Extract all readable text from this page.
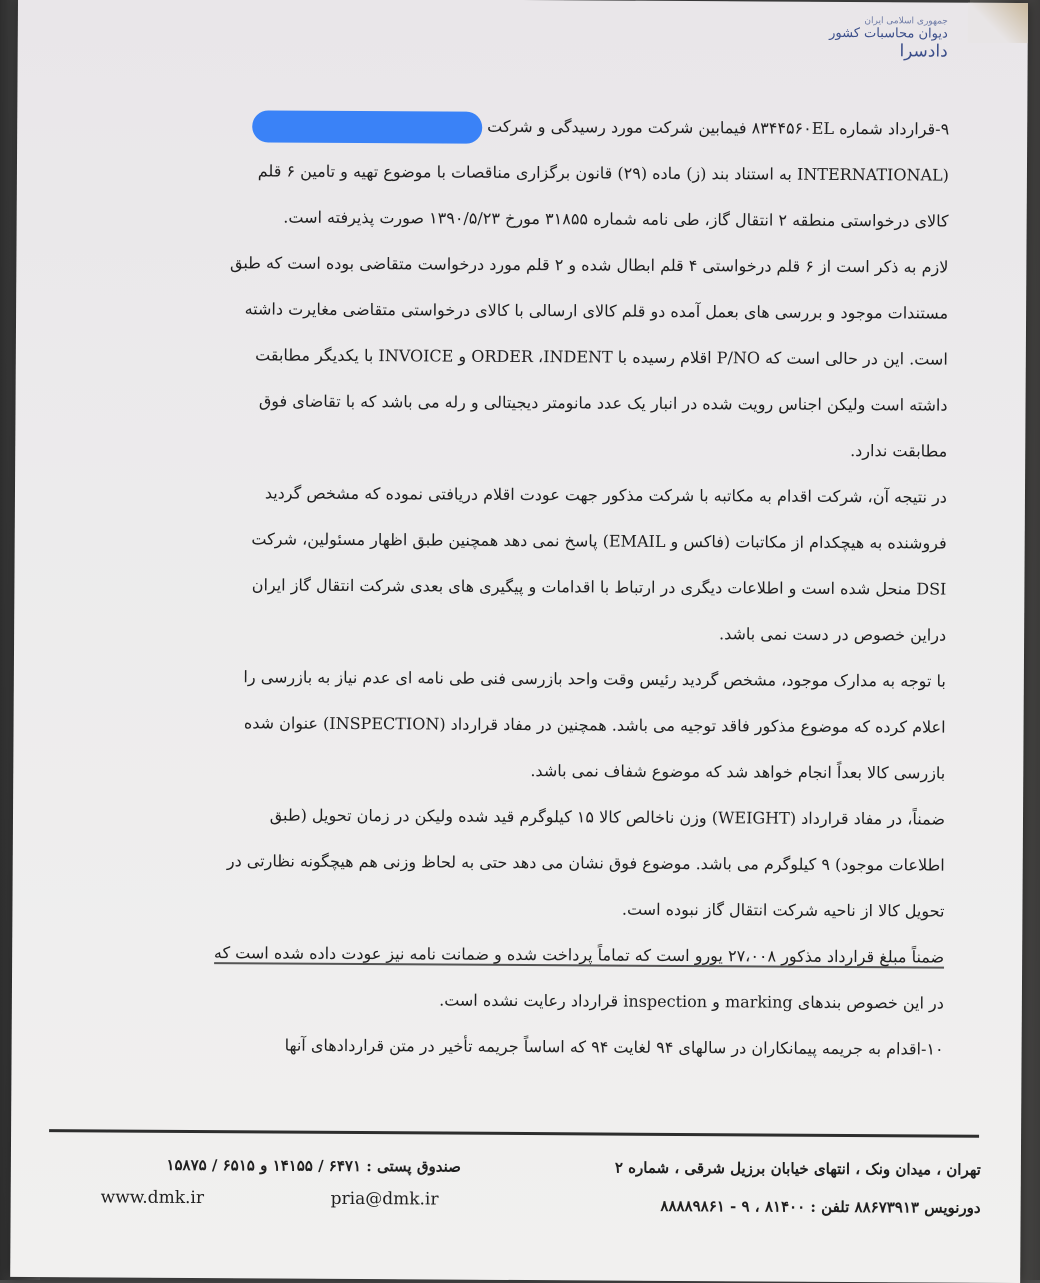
جمهوری اسلامی ایران
دیوان محاسبات کشور
دادسرا
۹-قرارداد شماره ۸۳۴۴۵۶۰EL فیمابین شرکت مورد رسیدگی و شرکت
(INTERNATIONAL به استناد بند (ز) ماده (۲۹) قانون برگزاری مناقصات با موضوع تهیه و تامین ۶ قلم
کالای درخواستی منطقه ۲ انتقال گاز، طی نامه شماره ۳۱۸۵۵ مورخ ۱۳۹۰/۵/۲۳ صورت پذیرفته است.
لازم به ذکر است از ۶ قلم درخواستی ۴ قلم ابطال شده و ۲ قلم مورد درخواست متقاضی بوده است که طبق
مستندات موجود و بررسی های بعمل آمده دو قلم کالای ارسالی با کالای درخواستی متقاضی مغایرت داشته
است. این در حالی است که P/NO اقلام رسیده با ORDER ،INDENT و INVOICE با یکدیگر مطابقت
داشته است ولیکن اجناس رویت شده در انبار یک عدد مانومتر دیجیتالی و رله می باشد که با تقاضای فوق
مطابقت ندارد.
در نتیجه آن، شرکت اقدام به مکاتبه با شرکت مذکور جهت عودت اقلام دریافتی نموده که مشخص گردید
فروشنده به هیچکدام از مکاتبات (فاکس و EMAIL) پاسخ نمی دهد همچنین طبق اظهار مسئولین، شرکت
DSI منحل شده است و اطلاعات دیگری در ارتباط با اقدامات و پیگیری های بعدی شرکت انتقال گاز ایران
دراین خصوص در دست نمی باشد.
با توجه به مدارک موجود، مشخص گردید رئیس وقت واحد بازرسی فنی طی نامه ای عدم نیاز به بازرسی را
اعلام کرده که موضوع مذکور فاقد توجیه می باشد. همچنین در مفاد قرارداد (INSPECTION) عنوان شده
بازرسی کالا بعداً انجام خواهد شد که موضوع شفاف نمی باشد.
ضمناً، در مفاد قرارداد (WEIGHT) وزن ناخالص کالا ۱۵ کیلوگرم قید شده ولیکن در زمان تحویل (طبق
اطلاعات موجود) ۹ کیلوگرم می باشد. موضوع فوق نشان می دهد حتی به لحاظ وزنی هم هیچگونه نظارتی در
تحویل کالا از ناحیه شرکت انتقال گاز نبوده است.
ضمناً مبلغ قرارداد مذکور ۲۷،۰۰۸ یورو است که تماماً پرداخت شده و ضمانت نامه نیز عودت داده شده است که
در این خصوص بندهای marking و inspection قرارداد رعایت نشده است.
۱۰-اقدام به جریمه پیمانکاران در سالهای ۹۴ لغایت ۹۴ که اساساً جریمه تأخیر در متن قراردادهای آنها
تهران ، میدان ونک ، انتهای خیابان برزیل شرقی ، شماره ۲
دورنویس ۸۸۶۷۳۹۱۳ تلفن : ۸۱۴۰۰ ، ۹ - ۸۸۸۸۹۸۶۱
صندوق پستی : ۶۴۷۱ / ۱۴۱۵۵ و ۶۵۱۵ / ۱۵۸۷۵
pria@dmk.ir
www.dmk.ir
